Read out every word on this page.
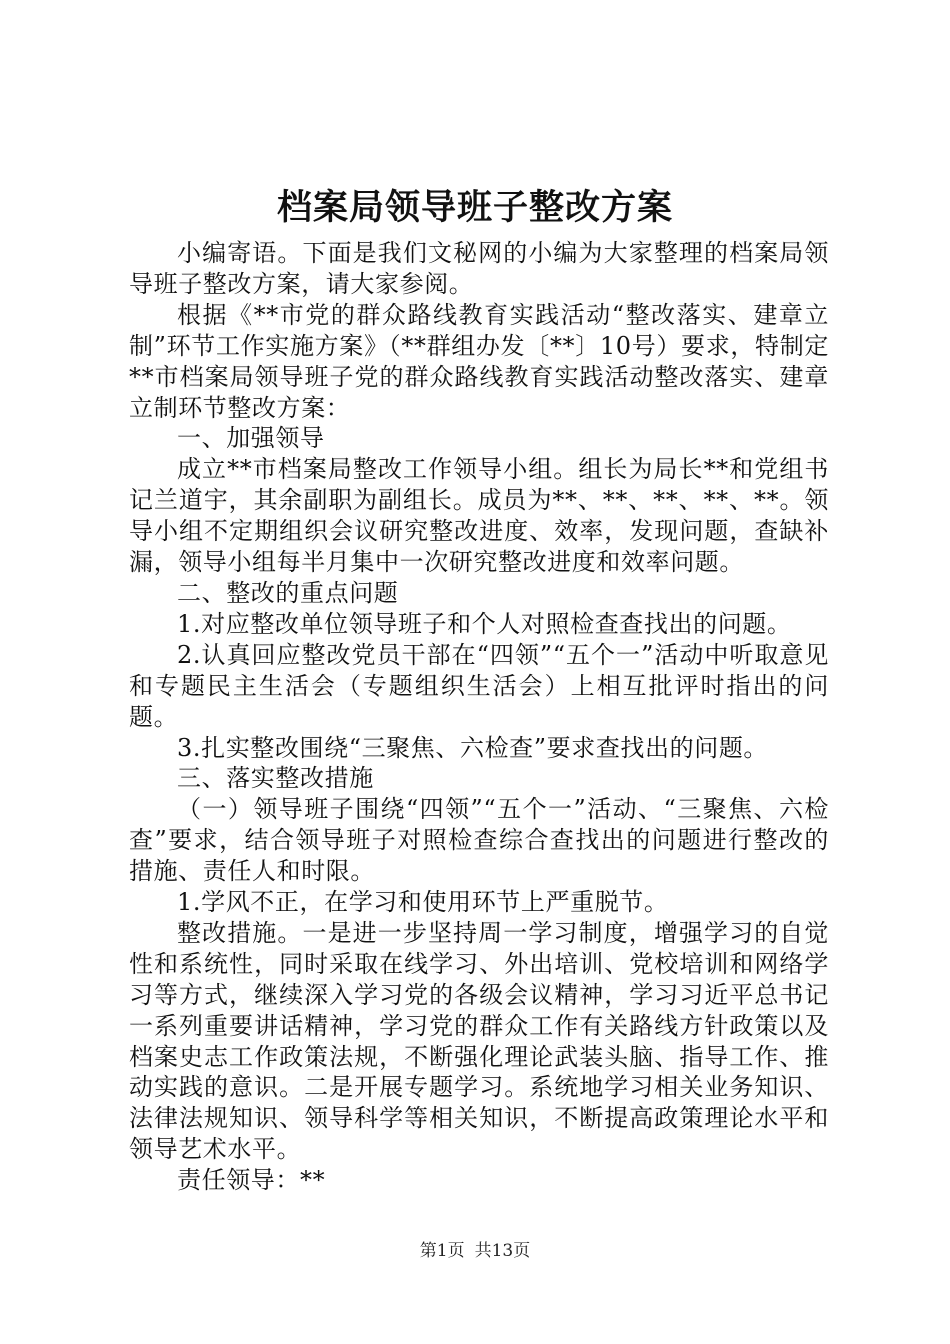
档案局领导班子整改方案

小编寄语。下面是我们文秘网的小编为大家整理的档案局领导班子整改方案，请大家参阅。

根据《**市党的群众路线教育实践活动“整改落实、建章立制”环节工作实施方案》（**群组办发〔**〕10号）要求，特制定**市档案局领导班子党的群众路线教育实践活动整改落实、建章立制环节整改方案：

一、加强领导

成立**市档案局整改工作领导小组。组长为局长**和党组书记兰道宇，其余副职为副组长。成员为**、**、**、**、**。领导小组不定期组织会议研究整改进度、效率，发现问题，查缺补漏，领导小组每半月集中一次研究整改进度和效率问题。

二、整改的重点问题

1.对应整改单位领导班子和个人对照检查查找出的问题。

2.认真回应整改党员干部在“四领”“五个一”活动中听取意见和专题民主生活会（专题组织生活会）上相互批评时指出的问题。

3.扎实整改围绕“三聚焦、六检查”要求查找出的问题。

三、落实整改措施

（一）领导班子围绕“四领”“五个一”活动、“三聚焦、六检查”要求，结合领导班子对照检查综合查找出的问题进行整改的措施、责任人和时限。

1.学风不正，在学习和使用环节上严重脱节。

整改措施。一是进一步坚持周一学习制度，增强学习的自觉性和系统性，同时采取在线学习、外出培训、党校培训和网络学习等方式，继续深入学习党的各级会议精神，学习习近平总书记一系列重要讲话精神，学习党的群众工作有关路线方针政策以及档案史志工作政策法规，不断强化理论武装头脑、指导工作、推动实践的意识。二是开展专题学习。系统地学习相关业务知识、法律法规知识、领导科学等相关知识，不断提高政策理论水平和领导艺术水平。

责任领导：**

第1页 共13页
